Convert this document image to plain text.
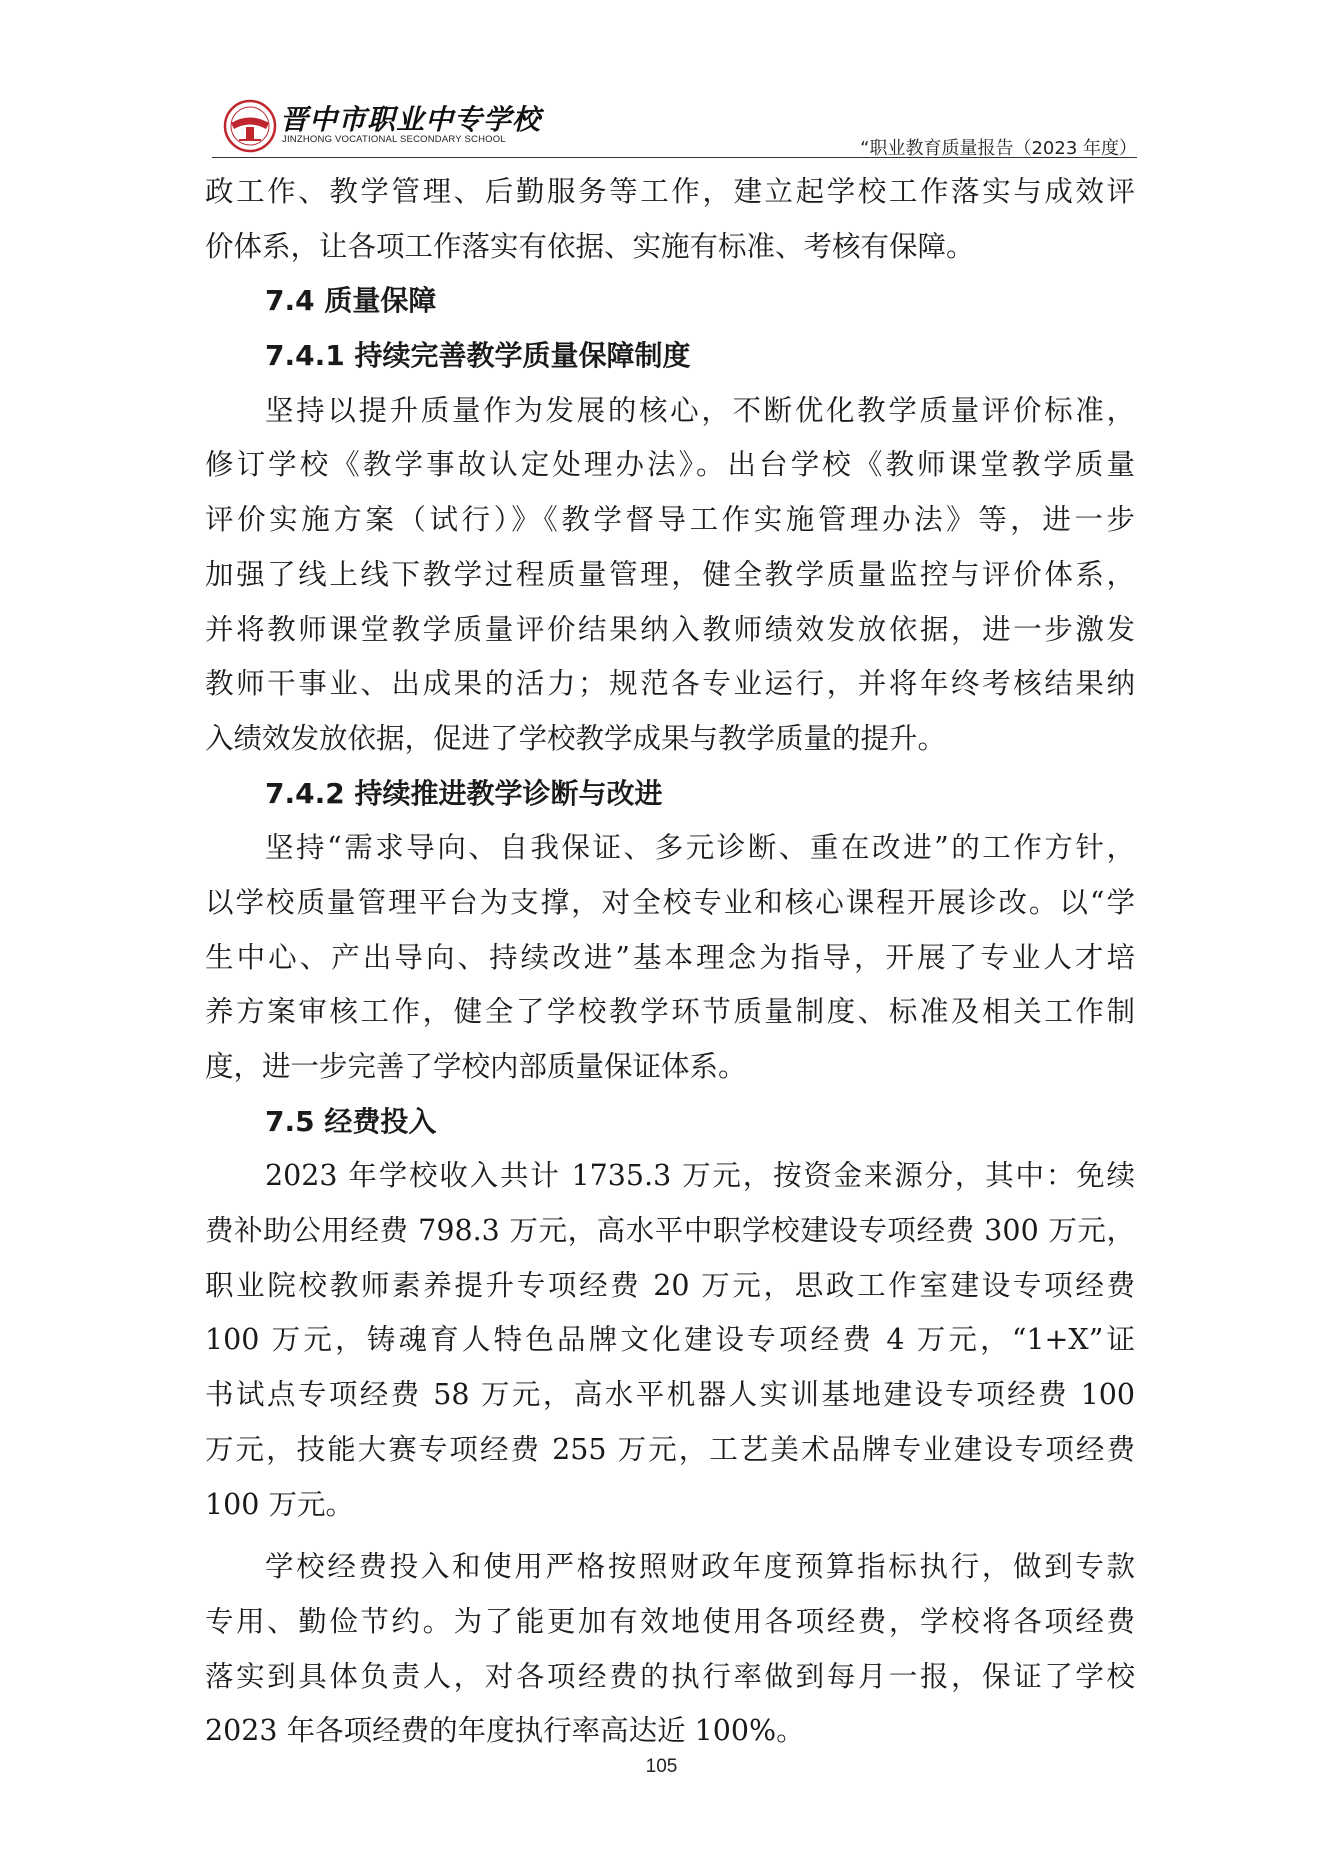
晋中市职业中专学校
JINZHONG VOCATIONAL SECONDARY SCHOOL	“职业教育质量报告（2023 年度）
政工作、教学管理、后勤服务等工作，建立起学校工作落实与成效评
价体系，让各项工作落实有依据、实施有标准、考核有保障。
7.4 质量保障
7.4.1 持续完善教学质量保障制度
坚持以提升质量作为发展的核心，不断优化教学质量评价标准，
修订学校《教学事故认定处理办法》。出台学校《教师课堂教学质量
评价实施方案（试行）》《教学督导工作实施管理办法》等，进一步
加强了线上线下教学过程质量管理，健全教学质量监控与评价体系，
并将教师课堂教学质量评价结果纳入教师绩效发放依据，进一步激发
教师干事业、出成果的活力；规范各专业运行，并将年终考核结果纳
入绩效发放依据，促进了学校教学成果与教学质量的提升。
7.4.2 持续推进教学诊断与改进
坚持“需求导向、自我保证、多元诊断、重在改进”的工作方针，
以学校质量管理平台为支撑，对全校专业和核心课程开展诊改。以“学
生中心、产出导向、持续改进”基本理念为指导，开展了专业人才培
养方案审核工作，健全了学校教学环节质量制度、标准及相关工作制
度，进一步完善了学校内部质量保证体系。
7.5 经费投入
2023 年学校收入共计 1735.3 万元，按资金来源分，其中：免续
费补助公用经费 798.3 万元，高水平中职学校建设专项经费 300 万元，
职业院校教师素养提升专项经费 20 万元，思政工作室建设专项经费
100 万元，铸魂育人特色品牌文化建设专项经费 4 万元，“1+X”证
书试点专项经费 58 万元，高水平机器人实训基地建设专项经费 100
万元，技能大赛专项经费 255 万元，工艺美术品牌专业建设专项经费
100 万元。
学校经费投入和使用严格按照财政年度预算指标执行，做到专款
专用、勤俭节约。为了能更加有效地使用各项经费，学校将各项经费
落实到具体负责人，对各项经费的执行率做到每月一报，保证了学校
2023 年各项经费的年度执行率高达近 100%。
105
